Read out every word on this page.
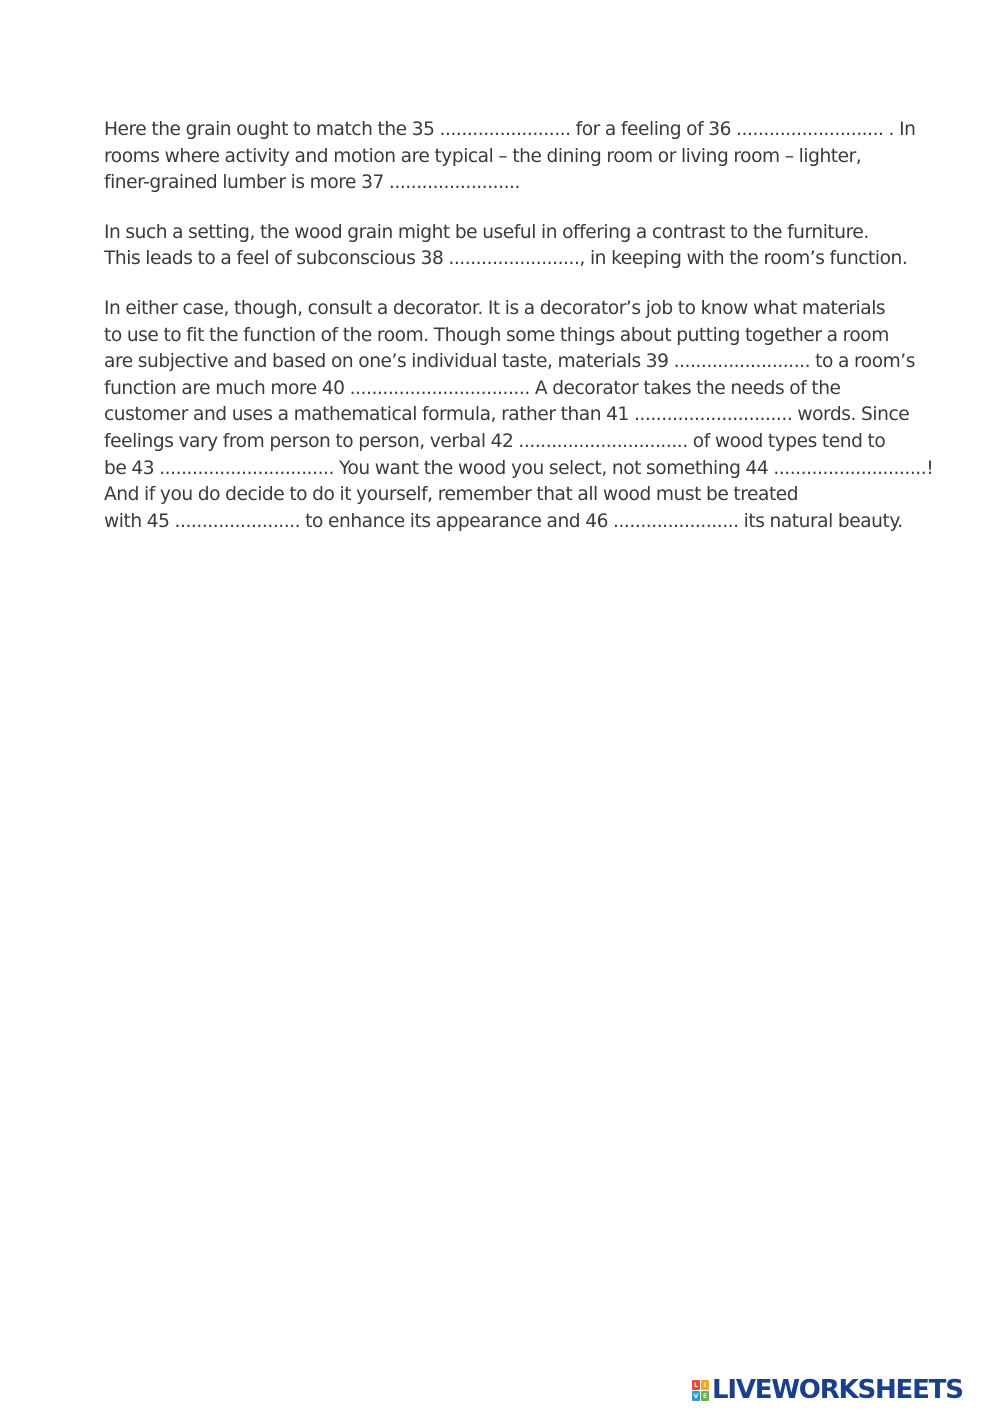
Here the grain ought to match the 35 ........................ for a feeling of 36 ........................... . In
rooms where activity and motion are typical – the dining room or living room – lighter,
finer-grained lumber is more 37 ........................
In such a setting, the wood grain might be useful in offering a contrast to the furniture.
This leads to a feel of subconscious 38 ........................, in keeping with the room’s function.
In either case, though, consult a decorator. It is a decorator’s job to know what materials
to use to fit the function of the room. Though some things about putting together a room
are subjective and based on one’s individual taste, materials 39 ......................... to a room’s
function are much more 40 ................................. A decorator takes the needs of the
customer and uses a mathematical formula, rather than 41 ............................. words. Since
feelings vary from person to person, verbal 42 ............................... of wood types tend to
be 43 ................................ You want the wood you select, not something 44 ............................!
And if you do decide to do it yourself, remember that all wood must be treated
with 45 ....................... to enhance its appearance and 46 ....................... its natural beauty.
L I
V E LIVEWORKSHEETS
